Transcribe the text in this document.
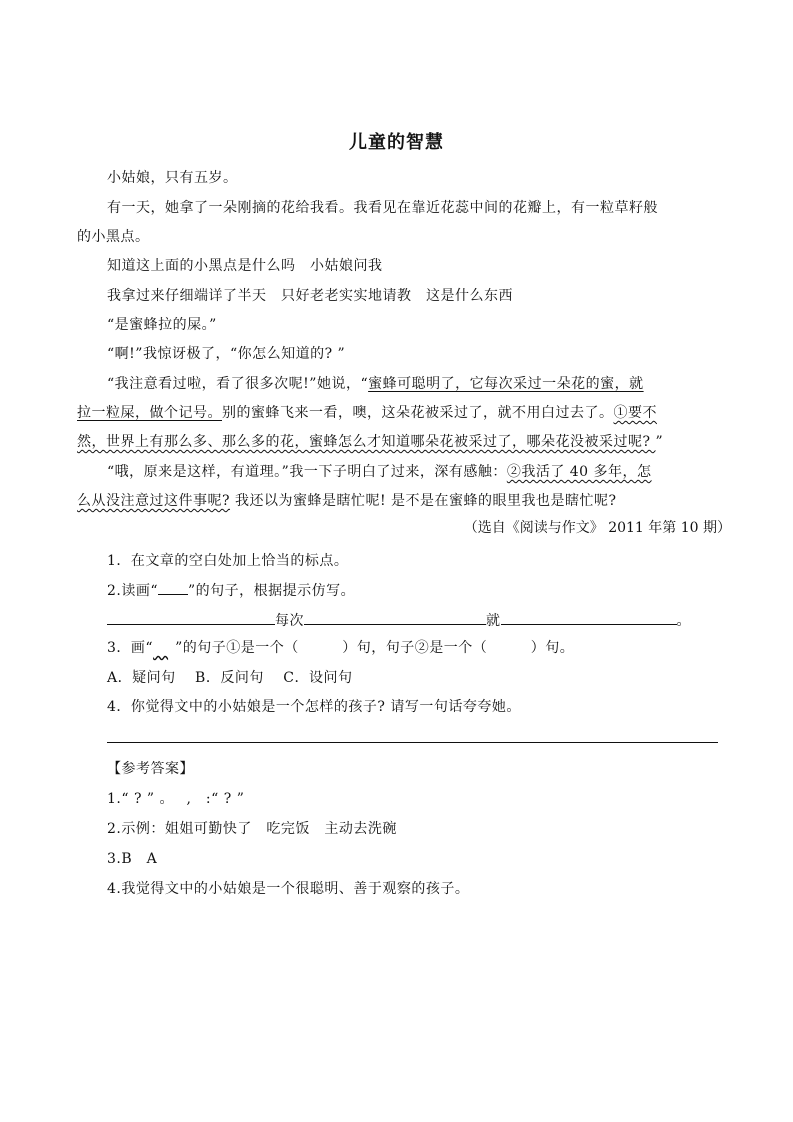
儿童的智慧
小姑娘，只有五岁。
有一天，她拿了一朵刚摘的花给我看。我看见在靠近花蕊中间的花瓣上，有一粒草籽般
的小黑点。
知道这上面的小黑点是什么吗　小姑娘问我
我拿过来仔细端详了半天　只好老老实实地请教　这是什么东西
“是蜜蜂拉的屎。”
“啊!”我惊讶极了，“你怎么知道的? ”
“我注意看过啦，看了很多次呢!”她说，“蜜蜂可聪明了，它每次采过一朵花的蜜，就
拉一粒屎，做个记号。别的蜜蜂飞来一看，噢，这朵花被采过了，就不用白过去了。①要不
然，世界上有那么多、那么多的花，蜜蜂怎么才知道哪朵花被采过了，哪朵花没被采过呢? ”
“哦，原来是这样，有道理。”我一下子明白了过来，深有感触：②我活了 40 多年，怎
么从没注意过这件事呢? 我还以为蜜蜂是瞎忙呢! 是不是在蜜蜂的眼里我也是瞎忙呢?
（选自《阅读与作文》 2011 年第 10 期）
1．在文章的空白处加上恰当的标点。
2.读画“ ”的句子，根据提示仿写。
每次	就	。
3．画“   ”的句子①是一个（　　　）句，句子②是一个（　　　）句。
A．疑问句　 B．反问句　 C．设问句
4．你觉得文中的小姑娘是一个怎样的孩子? 请写一句话夸夸她。
【参考答案】
1.“ ? ” 。　 ,　:“ ? ”
2.示例：姐姐可勤快了　吃完饭　主动去洗碗
3.B　A
4.我觉得文中的小姑娘是一个很聪明、善于观察的孩子。
